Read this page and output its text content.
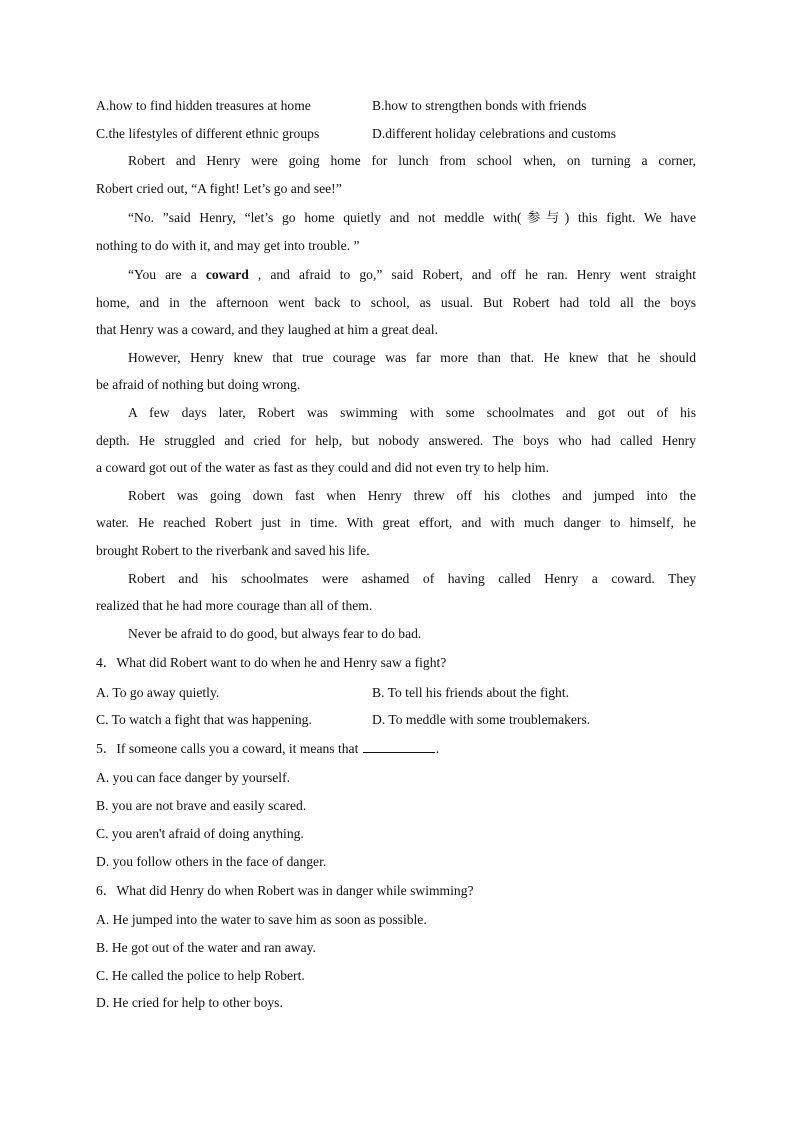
A.how to find hidden treasures at home	B.how to strengthen bonds with friends
C.the lifestyles of different ethnic groups	D.different holiday celebrations and customs
Robert and Henry were going home for lunch from school when, on turning a corner,
Robert cried out, “A fight! Let’s go and see!”
“No. ”said Henry, “let’s go home quietly and not meddle with(参与) this fight. We have
nothing to do with it, and may get into trouble. ”
“You are a coward , and afraid to go,” said Robert, and off he ran. Henry went straight
home, and in the afternoon went back to school, as usual. But Robert had told all the boys
that Henry was a coward, and they laughed at him a great deal.
However, Henry knew that true courage was far more than that. He knew that he should
be afraid of nothing but doing wrong.
A few days later, Robert was swimming with some schoolmates and got out of his
depth. He struggled and cried for help, but nobody answered. The boys who had called Henry
a coward got out of the water as fast as they could and did not even try to help him.
Robert was going down fast when Henry threw off his clothes and jumped into the
water. He reached Robert just in time. With great effort, and with much danger to himself, he
brought Robert to the riverbank and saved his life.
Robert and his schoolmates were ashamed of having called Henry a coward. They
realized that he had more courage than all of them.
Never be afraid to do good, but always fear to do bad.
4．What did Robert want to do when he and Henry saw a fight?
A. To go away quietly.	B. To tell his friends about the fight.
C. To watch a fight that was happening.	D. To meddle with some troublemakers.
5．If someone calls you a coward, it means that	.
A. you can face danger by yourself.
B. you are not brave and easily scared.
C. you aren't afraid of doing anything.
D. you follow others in the face of danger.
6．What did Henry do when Robert was in danger while swimming?
A. He jumped into the water to save him as soon as possible.
B. He got out of the water and ran away.
C. He called the police to help Robert.
D. He cried for help to other boys.
